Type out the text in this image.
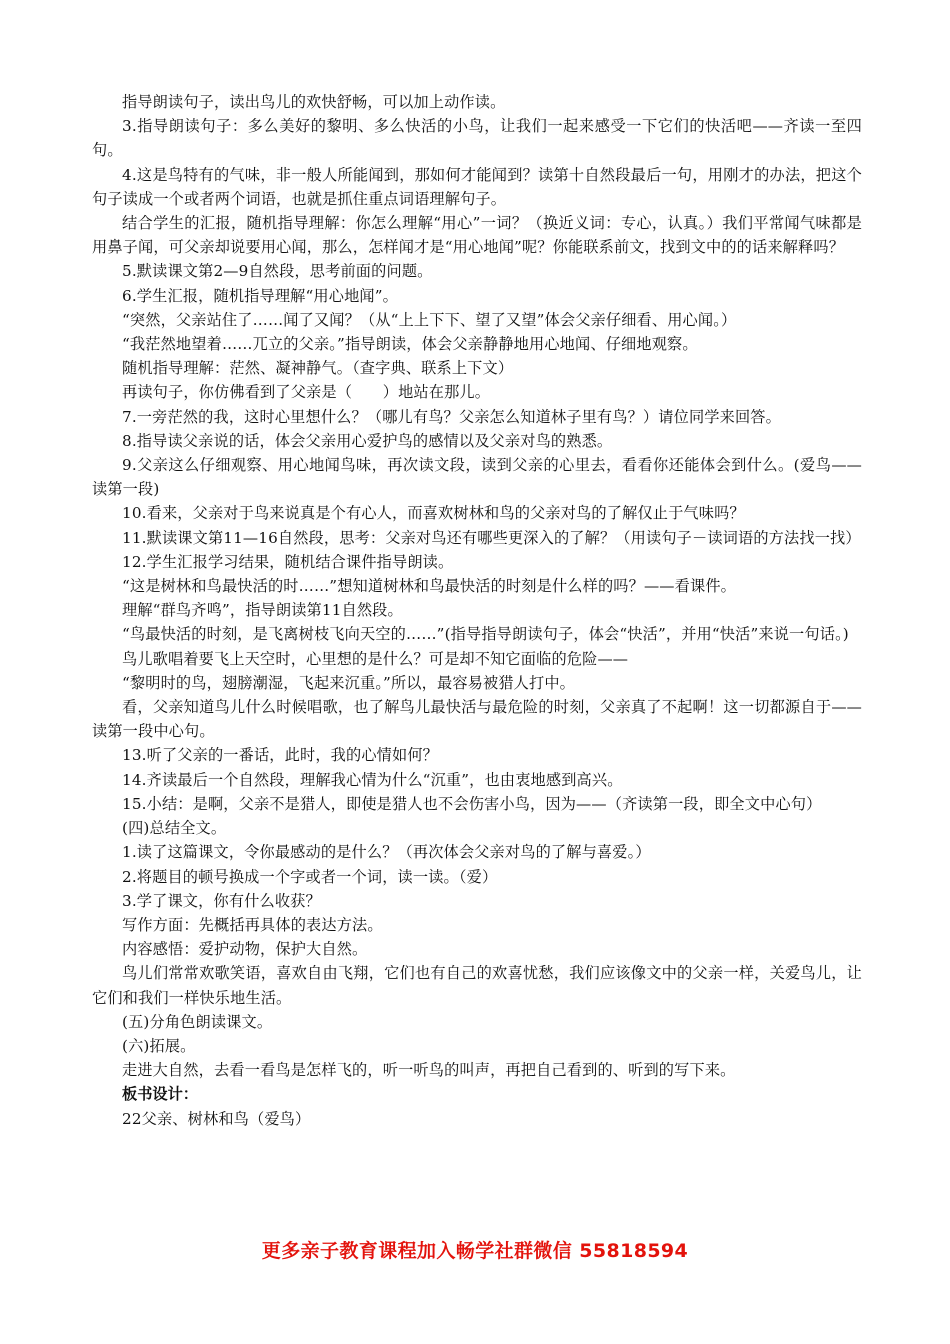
指导朗读句子，读出鸟儿的欢快舒畅，可以加上动作读。

3.指导朗读句子：多么美好的黎明、多么快活的小鸟，让我们一起来感受一下它们的快活吧——齐读一至四句。

4.这是鸟特有的气味，非一般人所能闻到，那如何才能闻到？读第十自然段最后一句，用刚才的办法，把这个句子读成一个或者两个词语，也就是抓住重点词语理解句子。

结合学生的汇报，随机指导理解：你怎么理解“用心”一词？（换近义词：专心，认真。）我们平常闻气味都是用鼻子闻，可父亲却说要用心闻，那么，怎样闻才是“用心地闻”呢？你能联系前文，找到文中的的话来解释吗？

5.默读课文第2—9自然段，思考前面的问题。

6.学生汇报，随机指导理解“用心地闻”。

“突然，父亲站住了……闻了又闻？（从“上上下下、望了又望”体会父亲仔细看、用心闻。）

“我茫然地望着……兀立的父亲。”指导朗读，体会父亲静静地用心地闻、仔细地观察。

随机指导理解：茫然、凝神静气。（查字典、联系上下文）

再读句子，你仿佛看到了父亲是（　　）地站在那儿。

7.一旁茫然的我，这时心里想什么？（哪儿有鸟？父亲怎么知道林子里有鸟？）请位同学来回答。

8.指导读父亲说的话，体会父亲用心爱护鸟的感情以及父亲对鸟的熟悉。

9.父亲这么仔细观察、用心地闻鸟味，再次读文段，读到父亲的心里去，看看你还能体会到什么。(爱鸟——读第一段)

10.看来，父亲对于鸟来说真是个有心人，而喜欢树林和鸟的父亲对鸟的了解仅止于气味吗？

11.默读课文第11—16自然段，思考：父亲对鸟还有哪些更深入的了解？（用读句子－读词语的方法找一找）

12.学生汇报学习结果，随机结合课件指导朗读。

“这是树林和鸟最快活的时……”想知道树林和鸟最快活的时刻是什么样的吗？——看课件。

理解“群鸟齐鸣”，指导朗读第11自然段。

“鸟最快活的时刻，是飞离树枝飞向天空的……”(指导指导朗读句子，体会“快活”，并用“快活”来说一句话。)

鸟儿歌唱着要飞上天空时，心里想的是什么？可是却不知它面临的危险——

“黎明时的鸟，翅膀潮湿，飞起来沉重。”所以，最容易被猎人打中。

看，父亲知道鸟儿什么时候唱歌，也了解鸟儿最快活与最危险的时刻，父亲真了不起啊！这一切都源自于——读第一段中心句。

13.听了父亲的一番话，此时，我的心情如何？

14.齐读最后一个自然段，理解我心情为什么“沉重”，也由衷地感到高兴。

15.小结：是啊，父亲不是猎人，即使是猎人也不会伤害小鸟，因为——（齐读第一段，即全文中心句）

(四)总结全文。

1.读了这篇课文，令你最感动的是什么？（再次体会父亲对鸟的了解与喜爱。）

2.将题目的顿号换成一个字或者一个词，读一读。（爱）

3.学了课文，你有什么收获？

写作方面：先概括再具体的表达方法。

内容感悟：爱护动物，保护大自然。

鸟儿们常常欢歌笑语，喜欢自由飞翔，它们也有自己的欢喜忧愁，我们应该像文中的父亲一样，关爱鸟儿，让它们和我们一样快乐地生活。

(五)分角色朗读课文。

(六)拓展。

走进大自然，去看一看鸟是怎样飞的，听一听鸟的叫声，再把自己看到的、听到的写下来。

板书设计：

22父亲、树林和鸟（爱鸟）

更多亲子教育课程加入畅学社群微信 55818594
